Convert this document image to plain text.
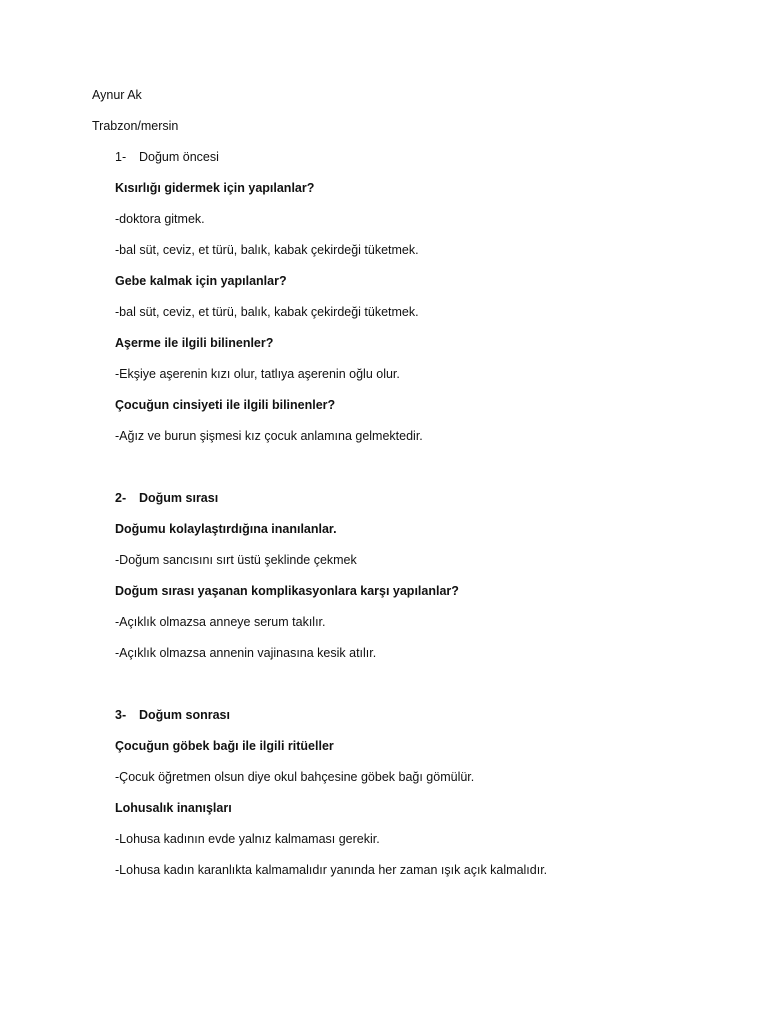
Aynur Ak
Trabzon/mersin
1- Doğum öncesi
Kısırlığı gidermek için yapılanlar?
-doktora gitmek.
-bal süt, ceviz, et türü, balık, kabak çekirdeği tüketmek.
Gebe kalmak için yapılanlar?
-bal süt, ceviz, et türü, balık, kabak çekirdeği tüketmek.
Aşerme ile ilgili bilinenler?
-Ekşiye aşerenin kızı olur, tatlıya aşerenin oğlu olur.
Çocuğun cinsiyeti ile ilgili bilinenler?
-Ağız ve burun şişmesi kız çocuk anlamına gelmektedir.
2- Doğum sırası
Doğumu kolaylaştırdığına inanılanlar.
-Doğum sancısını sırt üstü şeklinde çekmek
Doğum sırası yaşanan komplikasyonlara karşı yapılanlar?
-Açıklık olmazsa anneye serum takılır.
-Açıklık olmazsa annenin vajinasına kesik atılır.
3- Doğum sonrası
Çocuğun göbek bağı ile ilgili ritüeller
-Çocuk öğretmen olsun diye okul bahçesine göbek bağı gömülür.
Lohusalık inanışları
-Lohusa kadının evde yalnız kalmaması gerekir.
-Lohusa kadın karanlıkta kalmamalıdır yanında her zaman ışık açık kalmalıdır.
